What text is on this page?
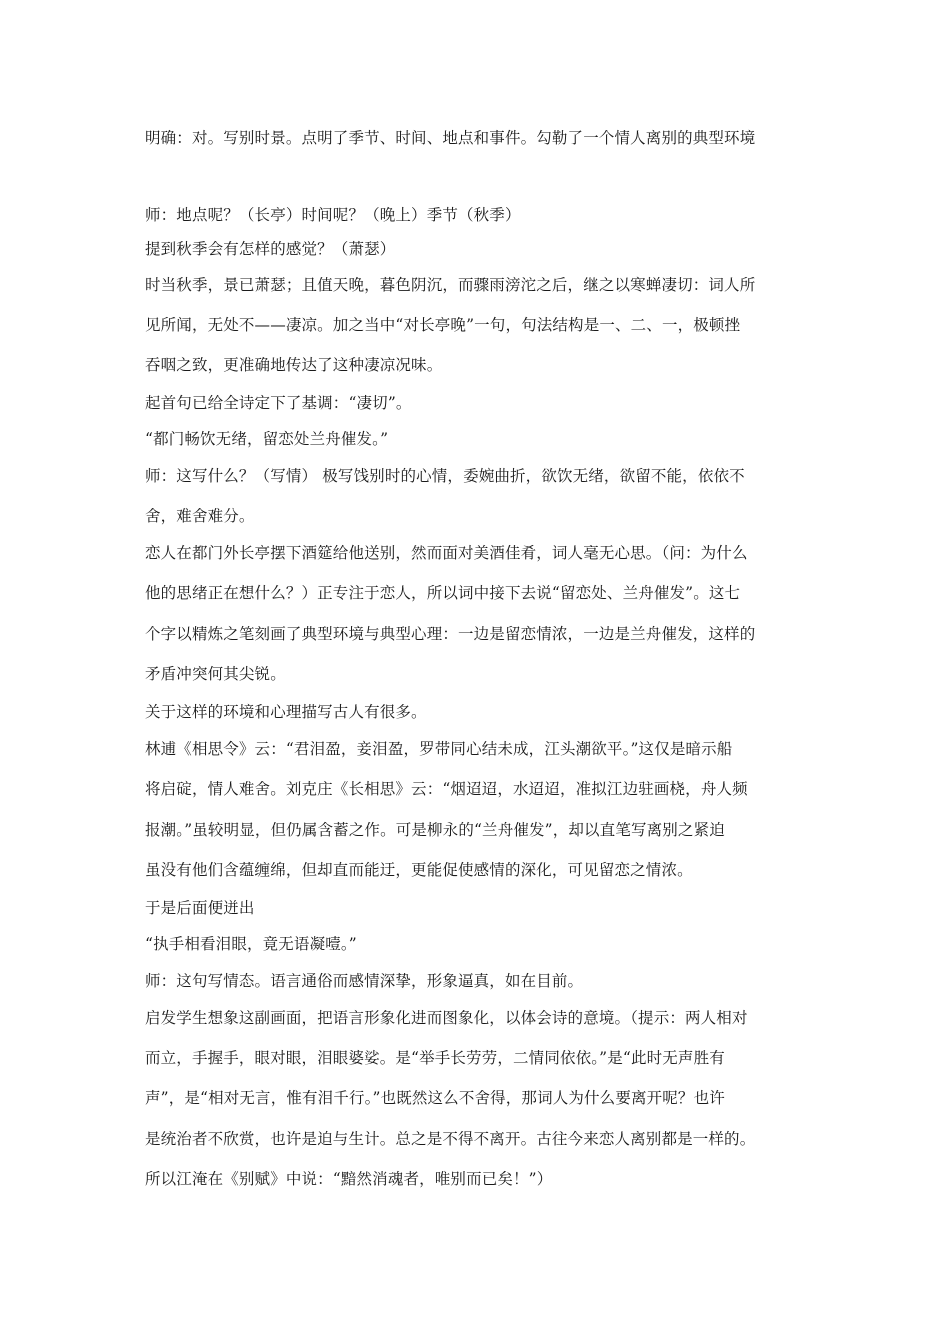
明确：对。写别时景。点明了季节、时间、地点和事件。勾勒了一个情人离别的典型环境
师：地点呢？（长亭）时间呢？（晚上）季节（秋季）
提到秋季会有怎样的感觉？（萧瑟）
时当秋季，景已萧瑟；且值天晚，暮色阴沉，而骤雨滂沱之后，继之以寒蝉凄切：词人所
见所闻，无处不——凄凉。加之当中“对长亭晚”一句，句法结构是一、二、一，极顿挫
吞咽之致，更准确地传达了这种凄凉况味。
起首句已给全诗定下了基调：“凄切”。
“都门畅饮无绪，留恋处兰舟催发。”
师：这写什么？（写情） 极写饯别时的心情，委婉曲折，欲饮无绪，欲留不能，依依不
舍，难舍难分。
恋人在都门外长亭摆下酒筵给他送别，然而面对美酒佳肴，词人毫无心思。（问：为什么
他的思绪正在想什么？）正专注于恋人，所以词中接下去说“留恋处、兰舟催发”。这七
个字以精炼之笔刻画了典型环境与典型心理：一边是留恋情浓，一边是兰舟催发，这样的
矛盾冲突何其尖锐。
关于这样的环境和心理描写古人有很多。
林逋《相思令》云：“君泪盈，妾泪盈，罗带同心结未成，江头潮欲平。”这仅是暗示船
将启碇，情人难舍。刘克庄《长相思》云：“烟迢迢，水迢迢，准拟江边驻画桡，舟人频
报潮。”虽较明显，但仍属含蓄之作。可是柳永的“兰舟催发”，却以直笔写离别之紧迫
虽没有他们含蕴缠绵，但却直而能迂，更能促使感情的深化，可见留恋之情浓。
于是后面便迸出
“执手相看泪眼，竟无语凝噎。”
师：这句写情态。语言通俗而感情深挚，形象逼真，如在目前。
启发学生想象这副画面，把语言形象化进而图象化，以体会诗的意境。（提示：两人相对
而立，手握手，眼对眼，泪眼婆娑。是“举手长劳劳，二情同依依。”是“此时无声胜有
声”，是“相对无言，惟有泪千行。”也既然这么不舍得，那词人为什么要离开呢？也许
是统治者不欣赏，也许是迫与生计。总之是不得不离开。古往今来恋人离别都是一样的。
所以江淹在《别赋》中说：“黯然消魂者，唯别而已矣！”）
